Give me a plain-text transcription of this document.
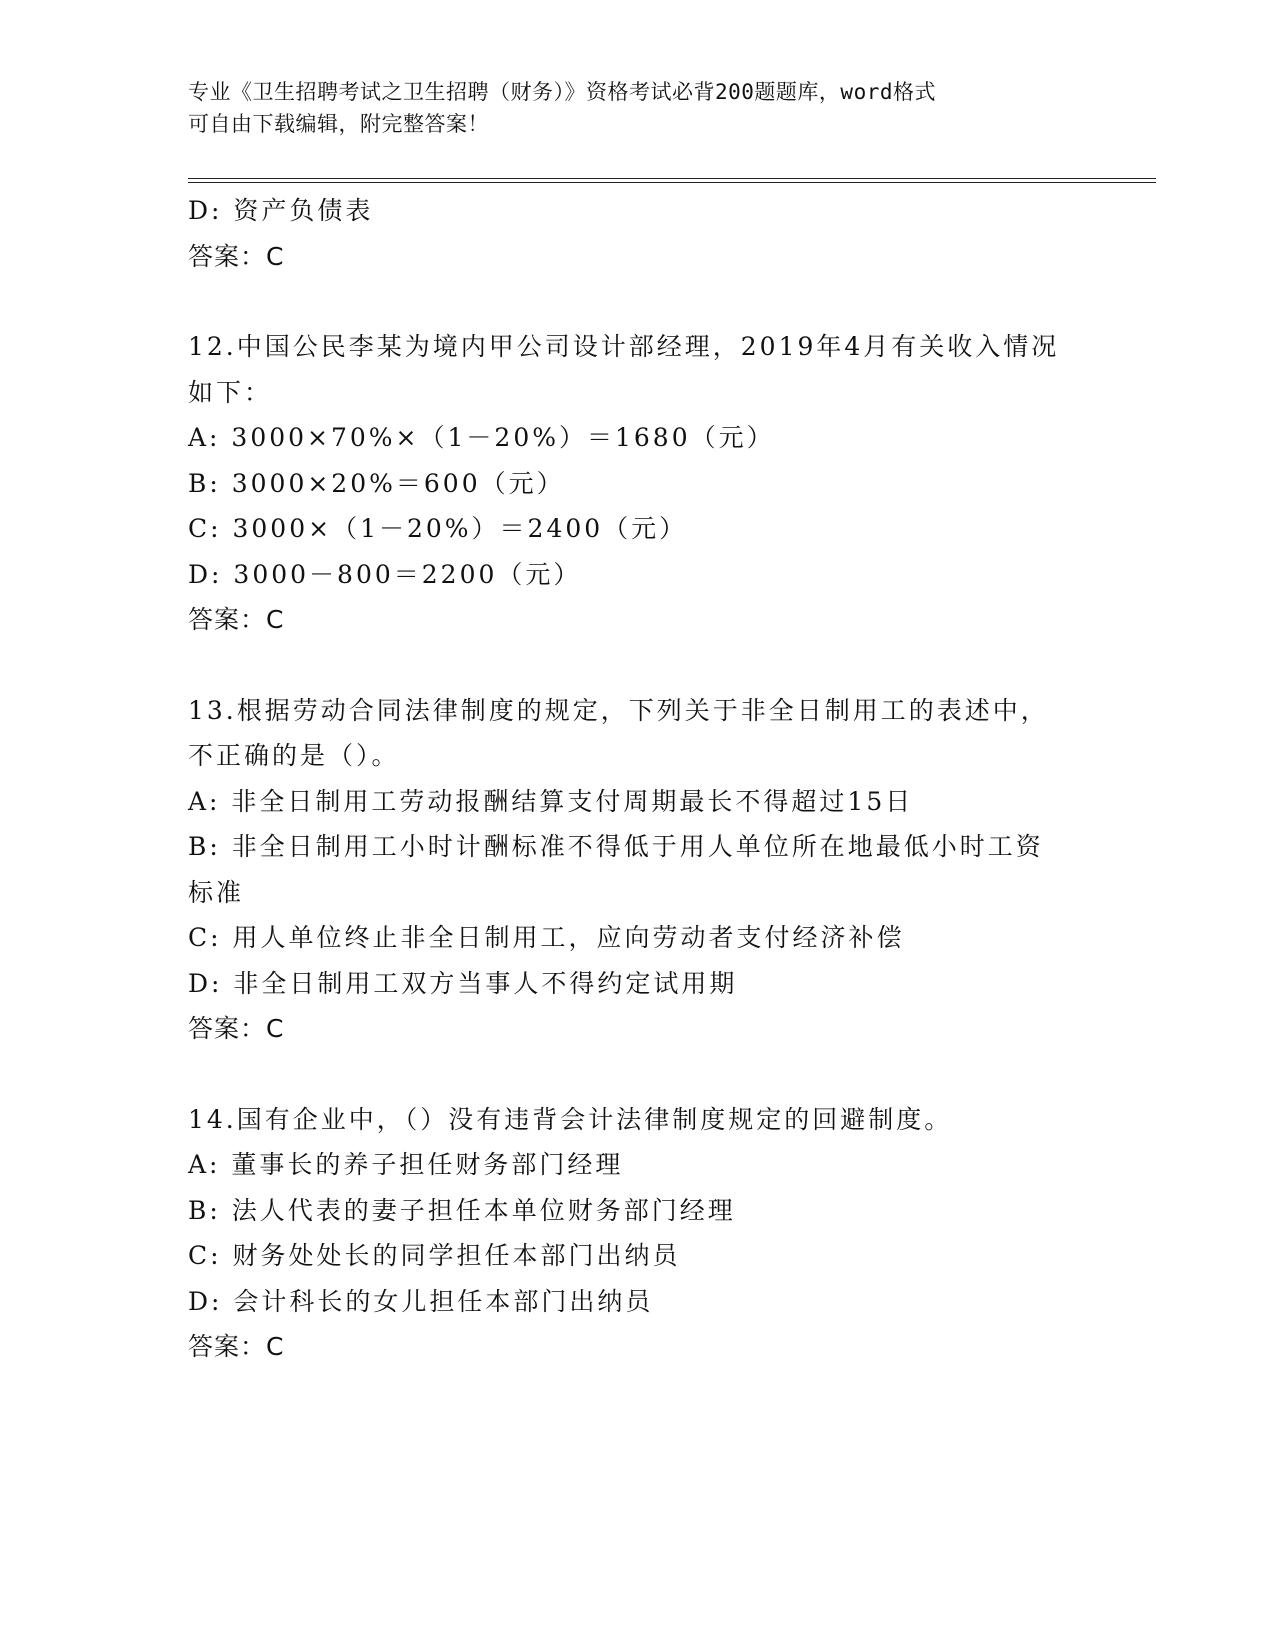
专业《卫生招聘考试之卫生招聘（财务）》资格考试必背200题题库，word格式
可自由下载编辑，附完整答案！
D: 资产负债表
答案：C
12.中国公民李某为境内甲公司设计部经理，2019年4月有关收入情况
如下：
A: 3000×70%×（1－20%）＝1680（元）
B: 3000×20%＝600（元）
C: 3000×（1－20%）＝2400（元）
D: 3000－800＝2200（元）
答案：C
13.根据劳动合同法律制度的规定，下列关于非全日制用工的表述中，
不正确的是（）。
A: 非全日制用工劳动报酬结算支付周期最长不得超过15日
B: 非全日制用工小时计酬标准不得低于用人单位所在地最低小时工资
标准
C: 用人单位终止非全日制用工，应向劳动者支付经济补偿
D: 非全日制用工双方当事人不得约定试用期
答案：C
14.国有企业中，（）没有违背会计法律制度规定的回避制度。
A: 董事长的养子担任财务部门经理
B: 法人代表的妻子担任本单位财务部门经理
C: 财务处处长的同学担任本部门出纳员
D: 会计科长的女儿担任本部门出纳员
答案：C
